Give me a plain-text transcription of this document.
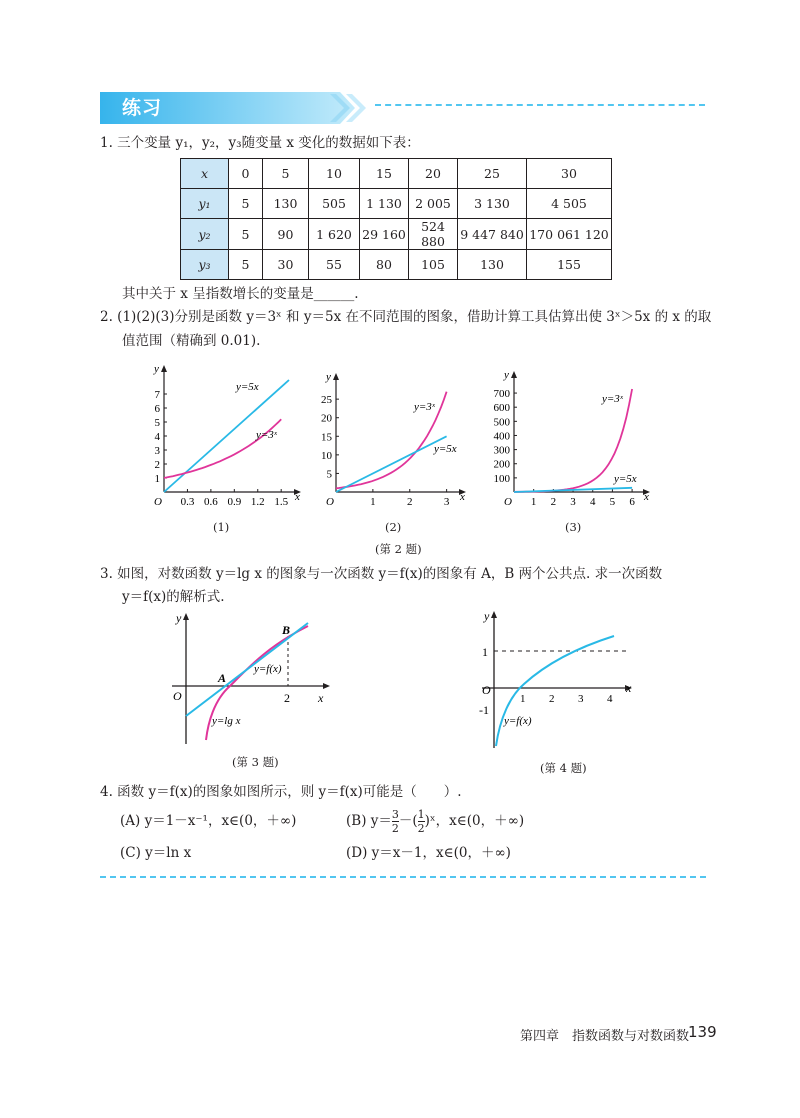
练习
1. 三个变量 y₁，y₂，y₃随变量 x 变化的数据如下表：
x	0	5	10	15	20	25	30
y₁	5	130	505	1 130	2 005	3 130	4 505
y₂	5	90	1 620	29 160	524 880	9 447 840	170 061 120
y₃	5	30	55	80	105	130	155
其中关于 x 呈指数增长的变量是______.
2. (1)(2)(3)分别是函数 y＝3ˣ 和 y＝5x 在不同范围的图象，借助计算工具估算出使 3ˣ＞5x 的 x 的取
值范围（精确到 0.01).
x
y
O 0.3 0.6 0.9 1.2 1.5
1
2
3
4
5
6
7
y=5x
y=3ˣ
x
y
O	1	2	3
5
10
15
20
25
y=3ˣ
y=5x
x
y
O 1 2 3 4 5 6
100
200
300
400
500
600
700	y=3ˣ
y=5x
(1)	(2)	(3)
(第 2 题)
3. 如图，对数函数 y＝lg x 的图象与一次函数 y＝f(x)的图象有 A，B 两个公共点. 求一次函数
y＝f(x)的解析式.
y
x
O	2
A
B
y=f(x)
y=lg x
(第 3 题)
y
x
O
1
-1
1 2 3 4
y=f(x)
(第 4 题)
4. 函数 y＝f(x)的图象如图所示，则 y＝f(x)可能是（　　）.
(A) y＝1－x⁻¹，x∈(0，＋∞)	(B) $y= \frac{3}{2}$ －( $\frac{1}{2}$ )ˣ，x∈(0，＋∞)
(C) y＝ln x	(D) y＝x－1，x∈(0，＋∞)
第四章　指数函数与对数函数
139
